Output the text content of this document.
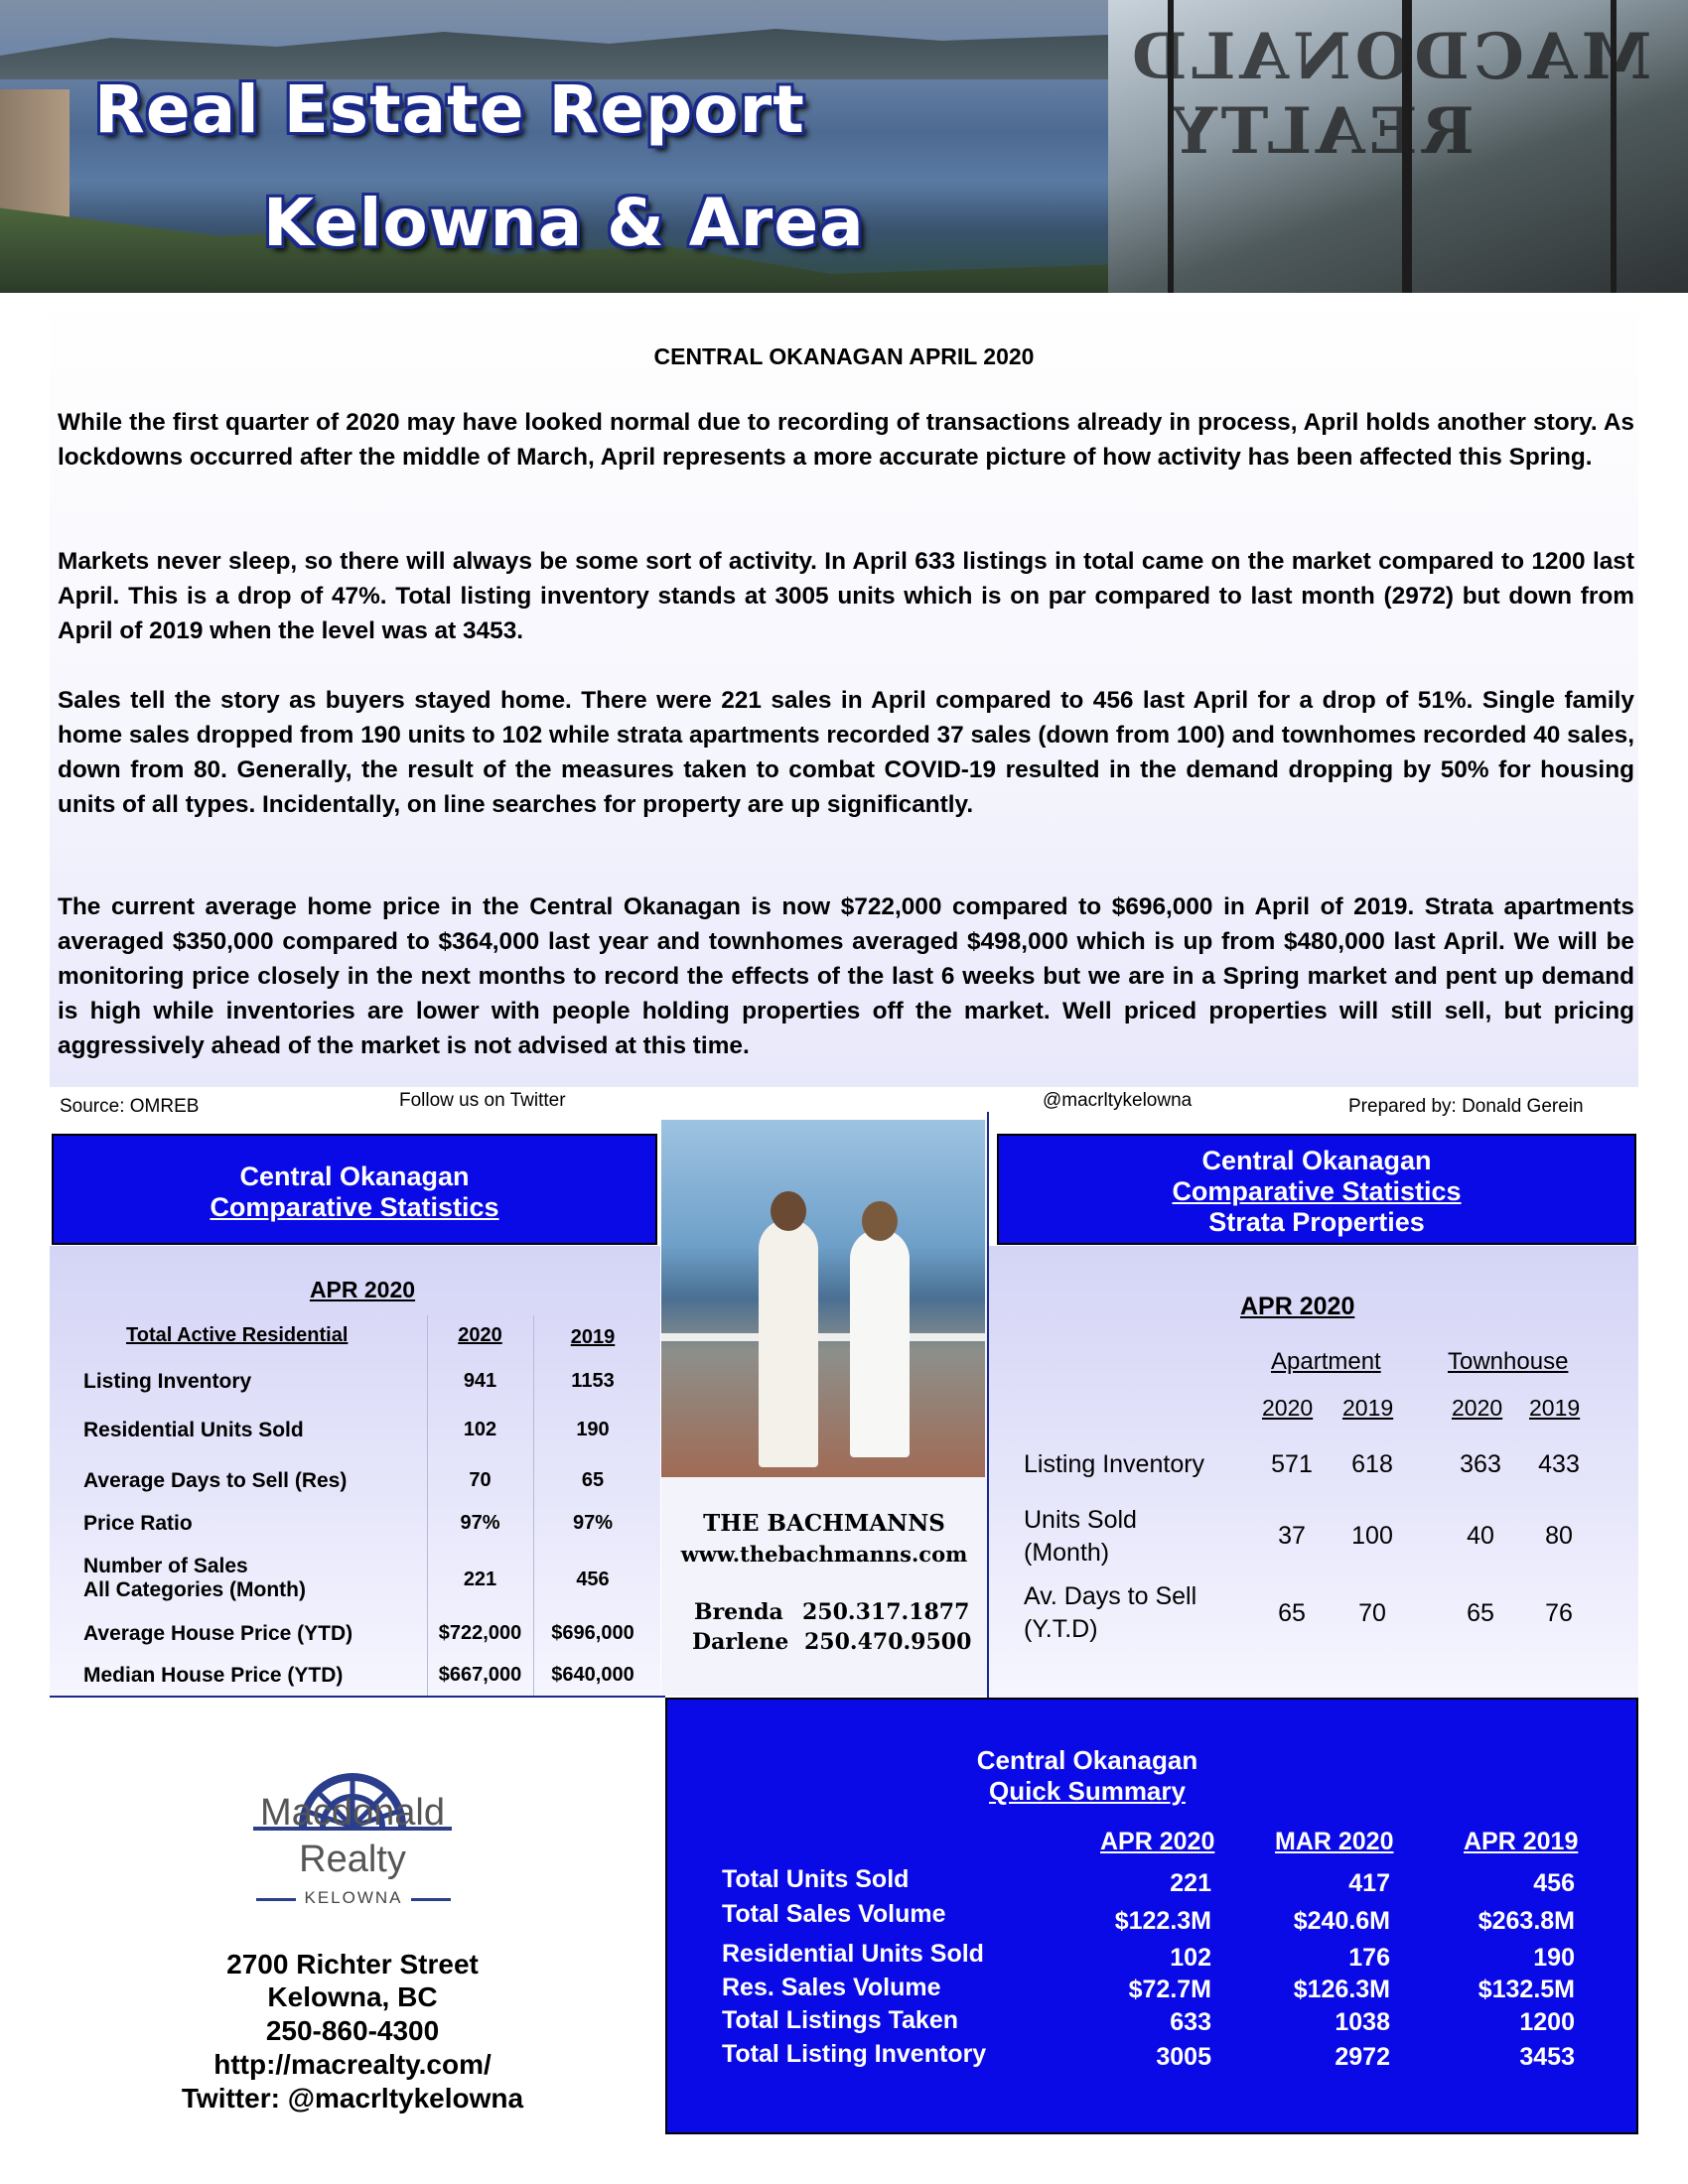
MACDONALD
REALTY
Real Estate Report
Kelowna & Area
CENTRAL OKANAGAN APRIL 2020
While the first quarter of 2020 may have looked normal due to recording of transactions already in process, April holds another story. As lockdowns occurred after the middle of March, April represents a more accurate picture of how activity has been affected this Spring.
Markets never sleep, so there will always be some sort of activity. In April 633 listings in total came on the market compared to 1200 last April. This is a drop of 47%. Total listing inventory stands at 3005 units which is on par compared to last month (2972) but down from April of 2019 when the level was at 3453.
Sales tell the story as buyers stayed home. There were 221 sales in April compared to 456 last April for a drop of 51%. Single family home sales dropped from 190 units to 102 while strata apartments recorded 37 sales (down from 100) and townhomes recorded 40 sales, down from 80. Generally, the result of the measures taken to combat COVID-19 resulted in the demand dropping by 50% for housing units of all types. Incidentally, on line searches for property are up significantly.
The current average home price in the Central Okanagan is now $722,000 compared to $696,000 in April of 2019. Strata apartments averaged $350,000 compared to $364,000 last year and townhomes averaged $498,000 which is up from $480,000 last April. We will be monitoring price closely in the next months to record the effects of the last 6 weeks but we are in a Spring market and pent up demand is high while inventories are lower with people holding properties off the market. Well priced properties will still sell, but pricing aggressively ahead of the market is not advised at this time.
Source: OMREB	Follow us on Twitter	@macrltykelowna	Prepared by: Donald Gerein
Central Okanagan
Comparative Statistics
APR 2020
Total Active Residential	2020	2019
Listing Inventory	941	1153
Residential Units Sold	102	190
Average Days to Sell (Res)	70	65
Price Ratio	97%	97%
Number of Sales
All Categories (Month)	221	456
Average House Price (YTD)	$722,000	$696,000
Median House Price (YTD)	$667,000	$640,000
THE BACHMANNS
www.thebachmanns.com
Brenda 250.317.1877
Darlene 250.470.9500
Central Okanagan
Comparative Statistics
Strata Properties
APR 2020
Apartment	Townhouse
2020 2019	2020 2019
Listing Inventory	571	618	363	433
Units Sold
(Month)
37	100	40	80
Av. Days to Sell
(Y.T.D)
65	70	65	76
Macdonald
Realty
KELOWNA
2700 Richter Street
Kelowna, BC
250-860-4300
http://macrealty.com/
Twitter: @macrltykelowna
Central Okanagan
Quick Summary
APR 2020 MAR 2020	APR 2019
Total Units Sold	221	417	456
Total Sales Volume	$122.3M	$240.6M	$263.8M
Residential Units Sold	102	176	190
Res. Sales Volume	$72.7M	$126.3M	$132.5M
Total Listings Taken	633	1038	1200
Total Listing Inventory	3005	2972	3453
